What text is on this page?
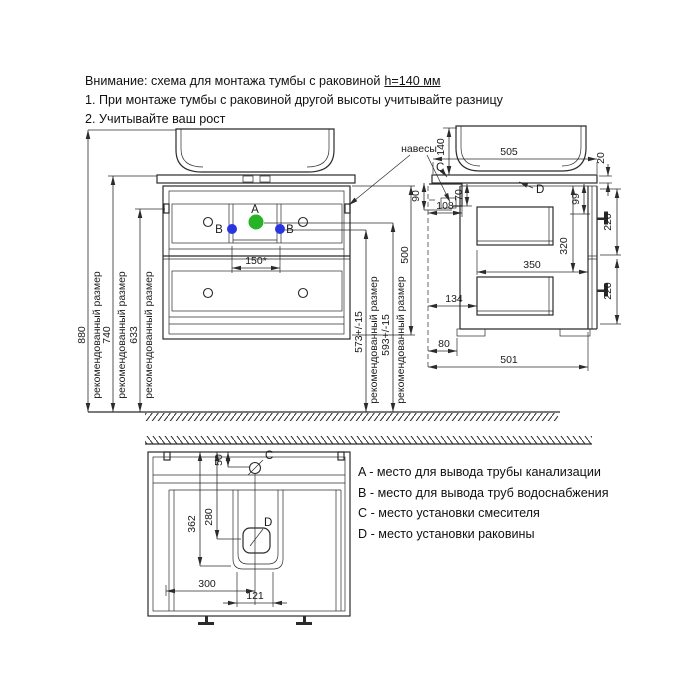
Внимание: схема для монтажа тумбы с раковиной h=140 мм
1. При монтаже тумбы с раковиной другой высоты учитывайте разницу
2. Учитывайте ваш рост
A
B	B
150*
880 рекомендованный размер
740 рекомендованный размер 633 рекомендованный размер	573+/-15 рекомендованный размер 593+/-15 рекомендованный размер
500
навесы
C
D
505
140
20
90	70
108
99
350
320
220
220
134
80
501
D
C
50
362 280
300
121
A - место для вывода трубы канализации
B - место для вывода труб водоснабжения
C - место установки смесителя
D - место установки раковины
